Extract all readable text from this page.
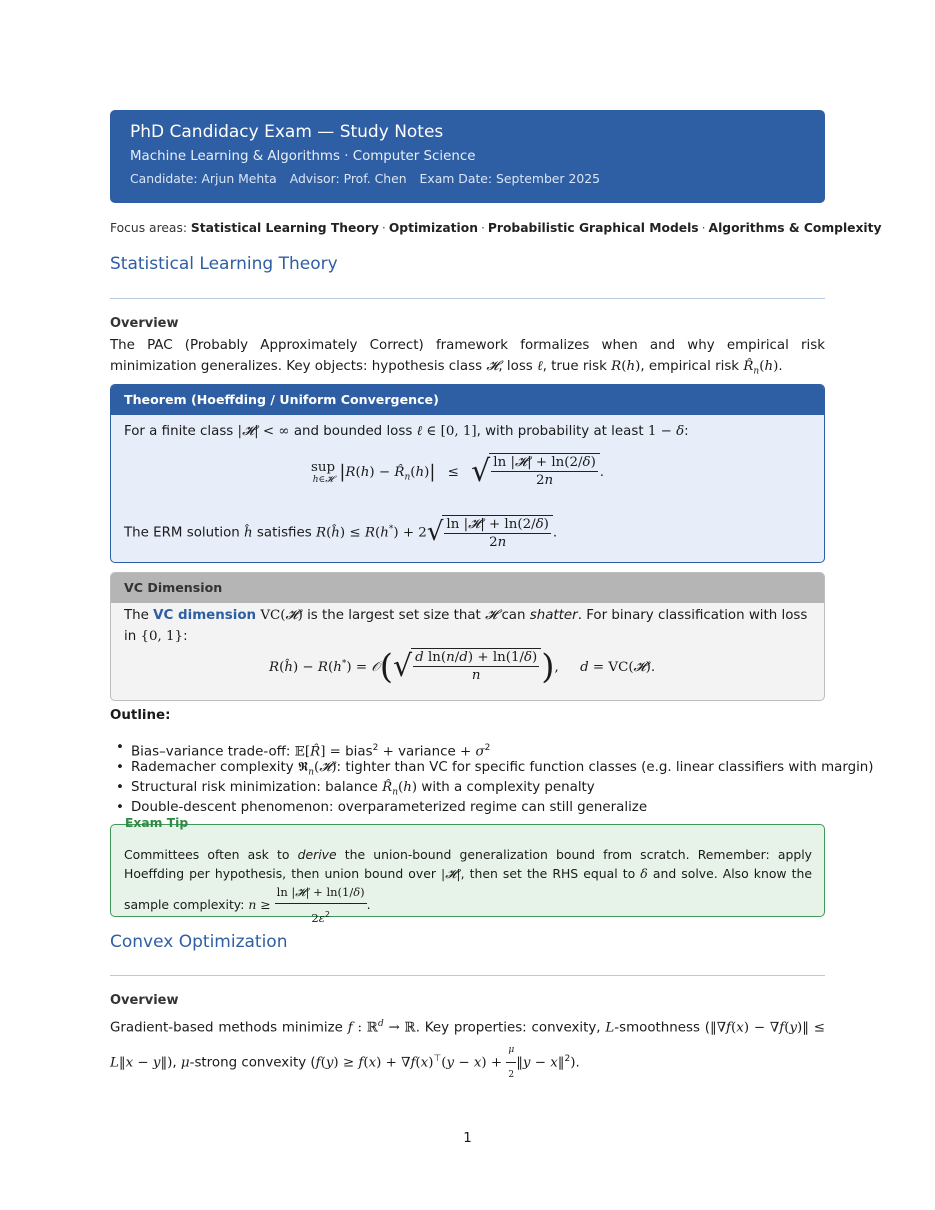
PhD Candidacy Exam — Study Notes
Machine Learning & Algorithms · Computer Science
Candidate: Arjun Mehta Advisor: Prof. Chen Exam Date: September 2025
Focus areas: Statistical Learning Theory · Optimization · Probabilistic Graphical Models · Algorithms & Complexity
Statistical Learning Theory
Overview
The PAC (Probably Approximately Correct) framework formalizes when and why empirical risk minimization generalizes. Key objects: hypothesis class 𝓗, loss ℓ, true risk R(h), empirical risk $R̂_n(h)$.
Theorem (Hoeffding / Uniform Convergence)
For a finite class |𝓗| < ∞ and bounded loss ℓ ∈ [0, 1], with probability at least 1 − δ:
sup
h∈𝓗 $|R(h) - R̂_n(h)|$ ≤ √ $\frac{\text{ln |𝓗| + ln(2/δ)}}{2n}$ .
The ERM solution ĥ satisfies R(ĥ) ≤ R(h*) + 2 √ $\frac{\text{ln |𝓗| + ln(2/δ)}}{2n}$ .
VC Dimension
The VC dimension VC(𝓗) is the largest set size that 𝓗 can shatter. For binary classification with loss in {0, 1}:
R(ĥ) − R(h*) = 𝒪( √ $\frac{\text{d ln(n/d) + ln(1/δ)}}{n}$ ),     d = VC(𝓗).
Outline:
• Bias–variance trade-off: 𝔼[R̂] = bias$^2$ + variance + $\sigma^2$
• Rademacher complexity 𝕽$_n$(𝓗): tighter than VC for specific function classes (e.g. linear classifiers with margin)
• Structural risk minimization: balance $R̂_n(h)$ with a complexity penalty
• Double-descent phenomenon: overparameterized regime can still generalize
Exam Tip
Committees often ask to derive the union-bound generalization bound from scratch. Remember: apply Hoeffding per hypothesis, then union bound over |𝓗|, then set the RHS equal to δ and solve. Also know the sample complexity: $n \ge \frac{\text{ln |𝓗| + ln(1/δ)}}{2\varepsilon^2}$ .
Convex Optimization
Overview
Gradient-based methods minimize f : ℝ$^d$ → ℝ. Key properties: convexity, L-smoothness (‖∇f(x) − ∇f(y)‖ ≤ L‖x − y‖), μ-strong convexity ($f(y) \ge f(x) + \nabla f(x)^⊤(y - x) + \frac{\mu}{2}$ ‖y − x‖$^2$).
1
